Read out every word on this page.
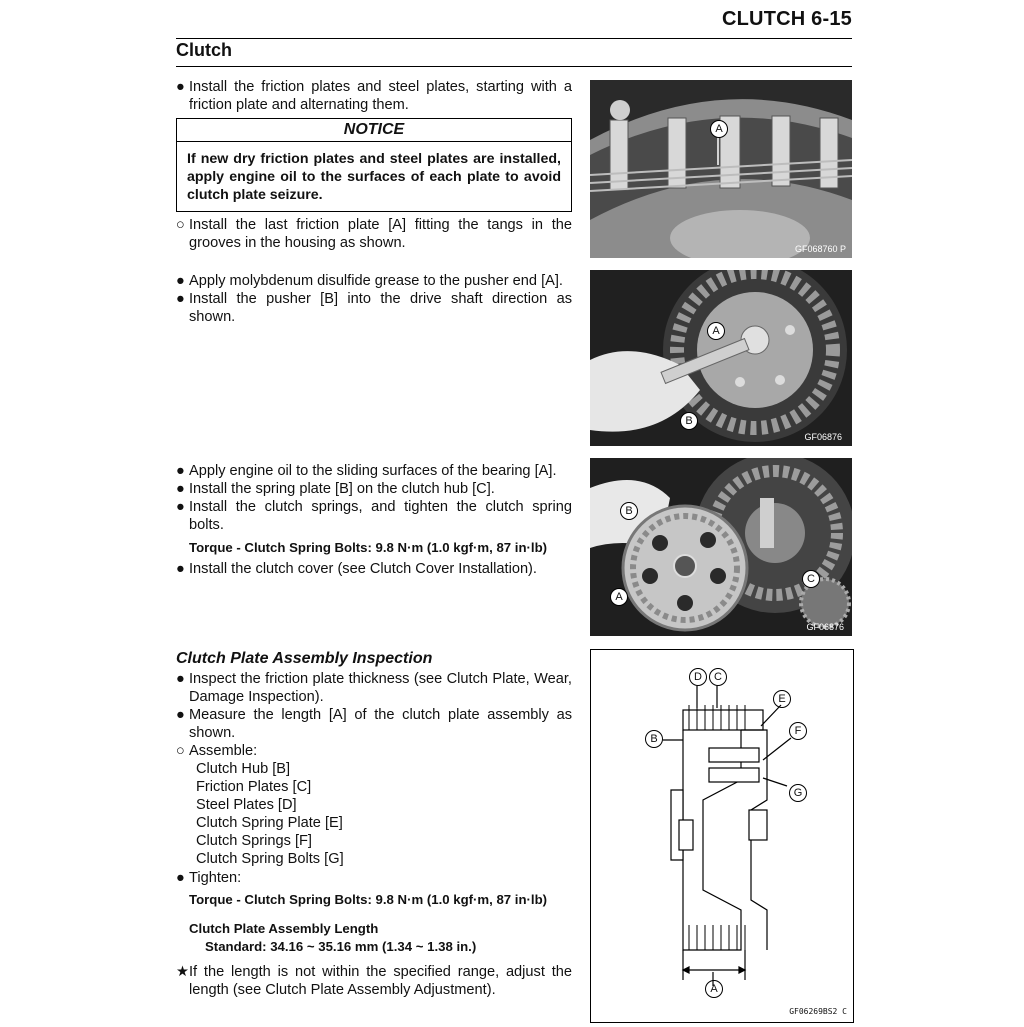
CLUTCH 6-15
Clutch
● Install the friction plates and steel plates, starting with a friction plate and alternating them.
NOTICE
If new dry friction plates and steel plates are installed, apply engine oil to the surfaces of each plate to avoid clutch plate seizure.
○ Install the last friction plate [A] fitting the tangs in the grooves in the housing as shown.
● Apply molybdenum disulfide grease to the pusher end [A].
● Install the pusher [B] into the drive shaft direction as shown.
● Apply engine oil to the sliding surfaces of the bearing [A].
● Install the spring plate [B] on the clutch hub [C].
● Install the clutch springs, and tighten the clutch spring bolts.
Torque - Clutch Spring Bolts: 9.8 N·m (1.0 kgf·m, 87 in·lb)
● Install the clutch cover (see Clutch Cover Installation).
Clutch Plate Assembly Inspection
● Inspect the friction plate thickness (see Clutch Plate, Wear, Damage Inspection).
● Measure the length [A] of the clutch plate assembly as shown.
○ Assemble:
Clutch Hub [B]
Friction Plates [C]
Steel Plates [D]
Clutch Spring Plate [E]
Clutch Springs [F]
Clutch Spring Bolts [G]
● Tighten:
Torque - Clutch Spring Bolts: 9.8 N·m (1.0 kgf·m, 87 in·lb)
Clutch Plate Assembly Length
Standard: 34.16 ~ 35.16 mm (1.34 ~ 1.38 in.)
★ If the length is not within the specified range, adjust the length (see Clutch Plate Assembly Adjustment).
A
GF068760 P
A
B
GF06876
B
C
A
GF06876
D	C
E
B
F
G
A
GF06269BS2 C
